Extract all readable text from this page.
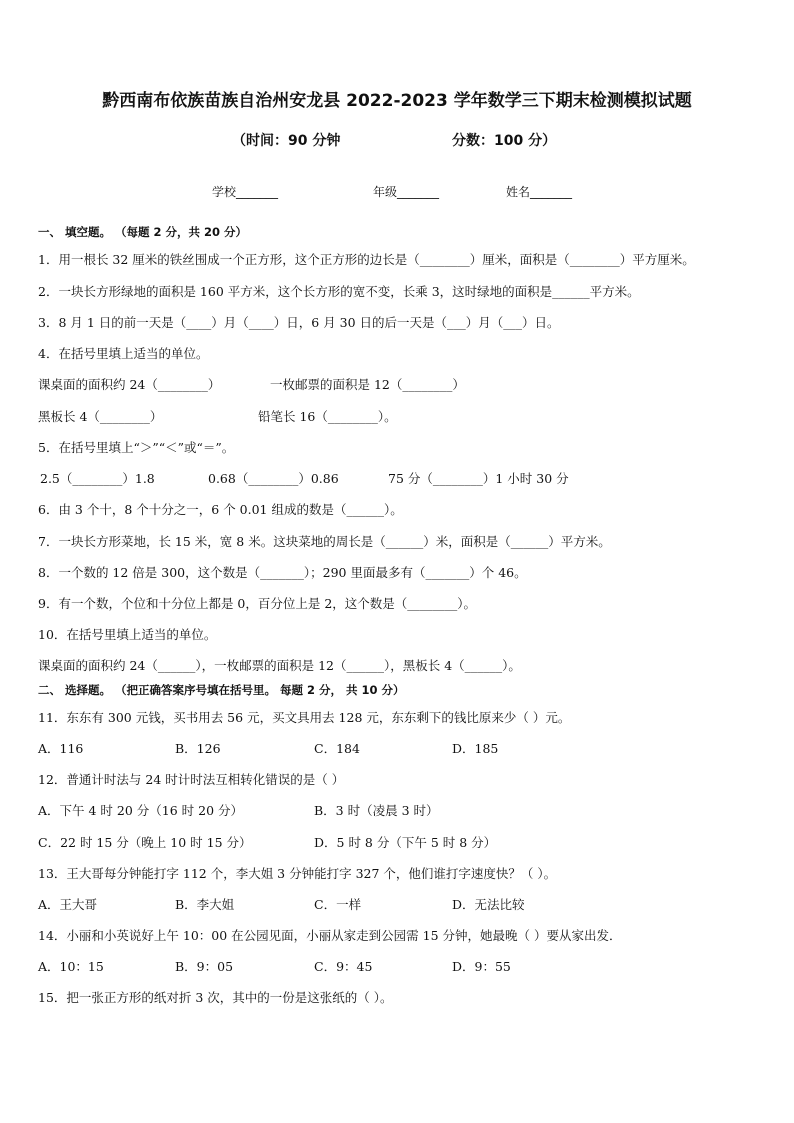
黔西南布依族苗族自治州安龙县 2022-2023 学年数学三下期末检测模拟试题
（时间：90 分钟	分数：100 分）
学校_______	年级_______	姓名_______
一、 填空题。 （每题 2 分，共 20 分）
1．用一根长 32 厘米的铁丝围成一个正方形，这个正方形的边长是（________）厘米，面积是（________）平方厘米。
2．一块长方形绿地的面积是 160 平方米，这个长方形的宽不变，长乘 3，这时绿地的面积是______平方米。
3．8 月 1 日的前一天是（____）月（____）日，6 月 30 日的后一天是（___）月（___）日。
4．在括号里填上适当的单位。
课桌面的面积约 24（________）	一枚邮票的面积是 12（________）
黑板长 4（________）	铅笔长 16（________）。
5．在括号里填上“＞”“＜”或“＝”。
2.5（________）1.8	0.68（________）0.86	75 分（________）1 小时 30 分
6．由 3 个十，8 个十分之一，6 个 0.01 组成的数是（______）。
7．一块长方形菜地，长 15 米，宽 8 米。这块菜地的周长是（______）米，面积是（______）平方米。
8．一个数的 12 倍是 300，这个数是（_______）；290 里面最多有（_______）个 46。
9．有一个数，个位和十分位上都是 0，百分位上是 2，这个数是（________）。
10．在括号里填上适当的单位。
课桌面的面积约 24（______），一枚邮票的面积是 12（______），黑板长 4（______）。
二、 选择题。 （把正确答案序号填在括号里。 每题 2 分， 共 10 分）
11．东东有 300 元钱，买书用去 56 元，买文具用去 128 元，东东剩下的钱比原来少（ ）元。
A．116	B．126	C．184	D．185
12．普通计时法与 24 时计时法互相转化错误的是（ ）
A．下午 4 时 20 分（16 时 20 分）	B．3 时（凌晨 3 时）
C．22 时 15 分（晚上 10 时 15 分）	D．5 时 8 分（下午 5 时 8 分）
13．王大哥每分钟能打字 112 个，李大姐 3 分钟能打字 327 个，他们谁打字速度快？（ ）。
A．王大哥	B．李大姐	C．一样	D．无法比较
14．小丽和小英说好上午 10：00 在公园见面，小丽从家走到公园需 15 分钟，她最晚（ ）要从家出发．
A．10：15	B．9：05	C．9：45	D．9：55
15．把一张正方形的纸对折 3 次，其中的一份是这张纸的（ ）。
